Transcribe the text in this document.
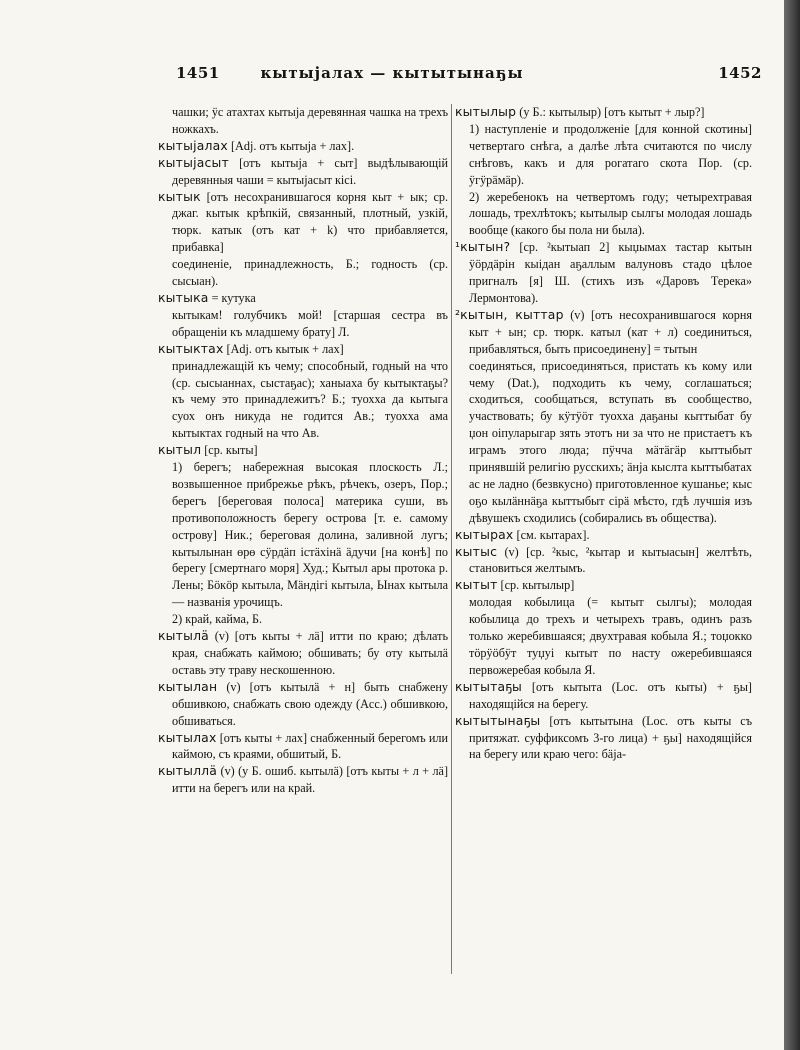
1451	кытыјалах — кытытынаҕы	1452

чашки; ӱс атахтах кытыја деревянная чашка на трехъ ножкахъ.

кытыјалах [Adj. отъ кытыја + лах].

кытыјасыт [отъ кытыја + сыт] выдѣлывающій деревянныя чаши = кытыјасыт кісі.

кытык [отъ несохранившагося корня кыт + ык; ср. джаг. кытык крѣпкій, связанный, плотный, узкій, тюрк. катык (отъ кат + k) что прибавляется, прибавка]

соединеніе, принадлежность, Б.; годность (ср. сысыан).

кытыка = кутука

кытыкам! голубчикъ мой! [старшая сестра въ обращеніи къ младшему брату] Л.

кытыктах [Adj. отъ кытык + лах]

принадлежащій къ чему; способный, годный на что (ср. сысыаннах, сыстаҕас); ханыаха бу кытыктаҕы? къ чему это принадлежитъ? Б.; туохха да кытыга суох онъ никуда не годится Ав.; туохха ама кытыктах годный на что Ав.

кытыл [ср. кыты]

1) берегъ; набережная высокая плоскость Л.; возвышенное прибрежье рѣкъ, рѣчекъ, озеръ, Пор.; берегъ [береговая полоса] материка суши, въ противоположность берегу острова [т. е. самому острову] Ник.; береговая долина, заливной лугъ; кытылынан өрө сӱрдӓп істӓхінӓ ӓдучи [на конѣ] по берегу [смертнаго моря] Худ.; Кытыл ары протока р. Лены; Бӧкӧр кытыла, Мӓндігі кытыла, Ынах кытыла — названія урочищъ.

2) край, кайма, Б.

кытылӓ (v) [отъ кыты + лӓ] итти по краю; дѣлать края, снабжать каймою; обшивать; бу оту кытылӓ оставь эту траву нескошенною.

кытылан (v) [отъ кытылӓ + н] быть снабжену обшивкою, снабжать свою одежду (Acc.) обшивкою, обшиваться.

кытылах [отъ кыты + лах] снабженный берегомъ или каймою, съ краями, обшитый, Б.

кытыллӓ (v) (у Б. ошиб. кытылӓ) [отъ кыты + л + лӓ] итти на берегъ или на край.

кытылыр (у Б.: кытылыр) [отъ кытыт + лыр?]

1) наступленіе и продолженіе [для конной скотины] четвертаго снѣга, а далѣе лѣта считаются по числу снѣговъ, какъ и для рогатаго скота Пор. (ср. ӱгӱрӓмӓр).

2) жеребенокъ на четвертомъ году; четырехтравая лошадь, трехлѣтокъ; кытылыр сылгы молодая лошадь вообще (какого бы пола ни была).

¹кытын? [ср. ²кытыап 2] кыџымах тастар кытын ӱӧрдӓрін кыідан аҕаллым валуновъ стадо цѣлое пригналъ [я] Ш. (стихъ изъ «Даровъ Терека» Лермонтова).

²кытын, кыттар (v) [отъ несохранившагося корня кыт + ын; ср. тюрк. катыл (кат + л) соединиться, прибавляться, быть присоединену] = тытын

соединяться, присоединяться, пристать къ кому или чему (Dat.), подходить къ чему, соглашаться; сходиться, сообщаться, вступать въ сообщество, участвовать; бу кӱтӱӧт туохха даҕаны кыттыбат бу џон оіпуларыгар зять этотъ ни за что не пристаетъ къ играмъ этого люда; пӱчча мӓтӓгӓр кыттыбыт принявшій религію русскихъ; ӓнја кыслта кыттыбатах ас не ладно (безвкусно) приготовленное кушанье; кыс оҕо кылӓннӓҕа кыттыбыт сірӓ мѣсто, гдѣ лучшія изъ дѣвушекъ сходились (собирались въ общества).

кытырах [см. кытарах].

кытыс (v) [ср. ²кыс, ²кытар и кытыасын] желтѣть, становиться желтымъ.

кытыт [ср. кытылыр]

молодая кобылица (= кытыт сылгы); молодая кобылица до трехъ и четырехъ травъ, одинъ разъ только жеребившаяся; двухтравая кобыла Я.; тоџокко тӧрӱӧбӱт туџуі кытыт по насту ожеребившаяся первожеребая кобыла Я.

кытытаҕы [отъ кытыта (Loc. отъ кыты) + ҕы] находящійся на берегу.

кытытынаҕы [отъ кытытына (Loc. отъ кыты съ притяжат. суффиксомъ 3-го лица) + ҕы] находящійся на берегу или краю чего: бӓја-
